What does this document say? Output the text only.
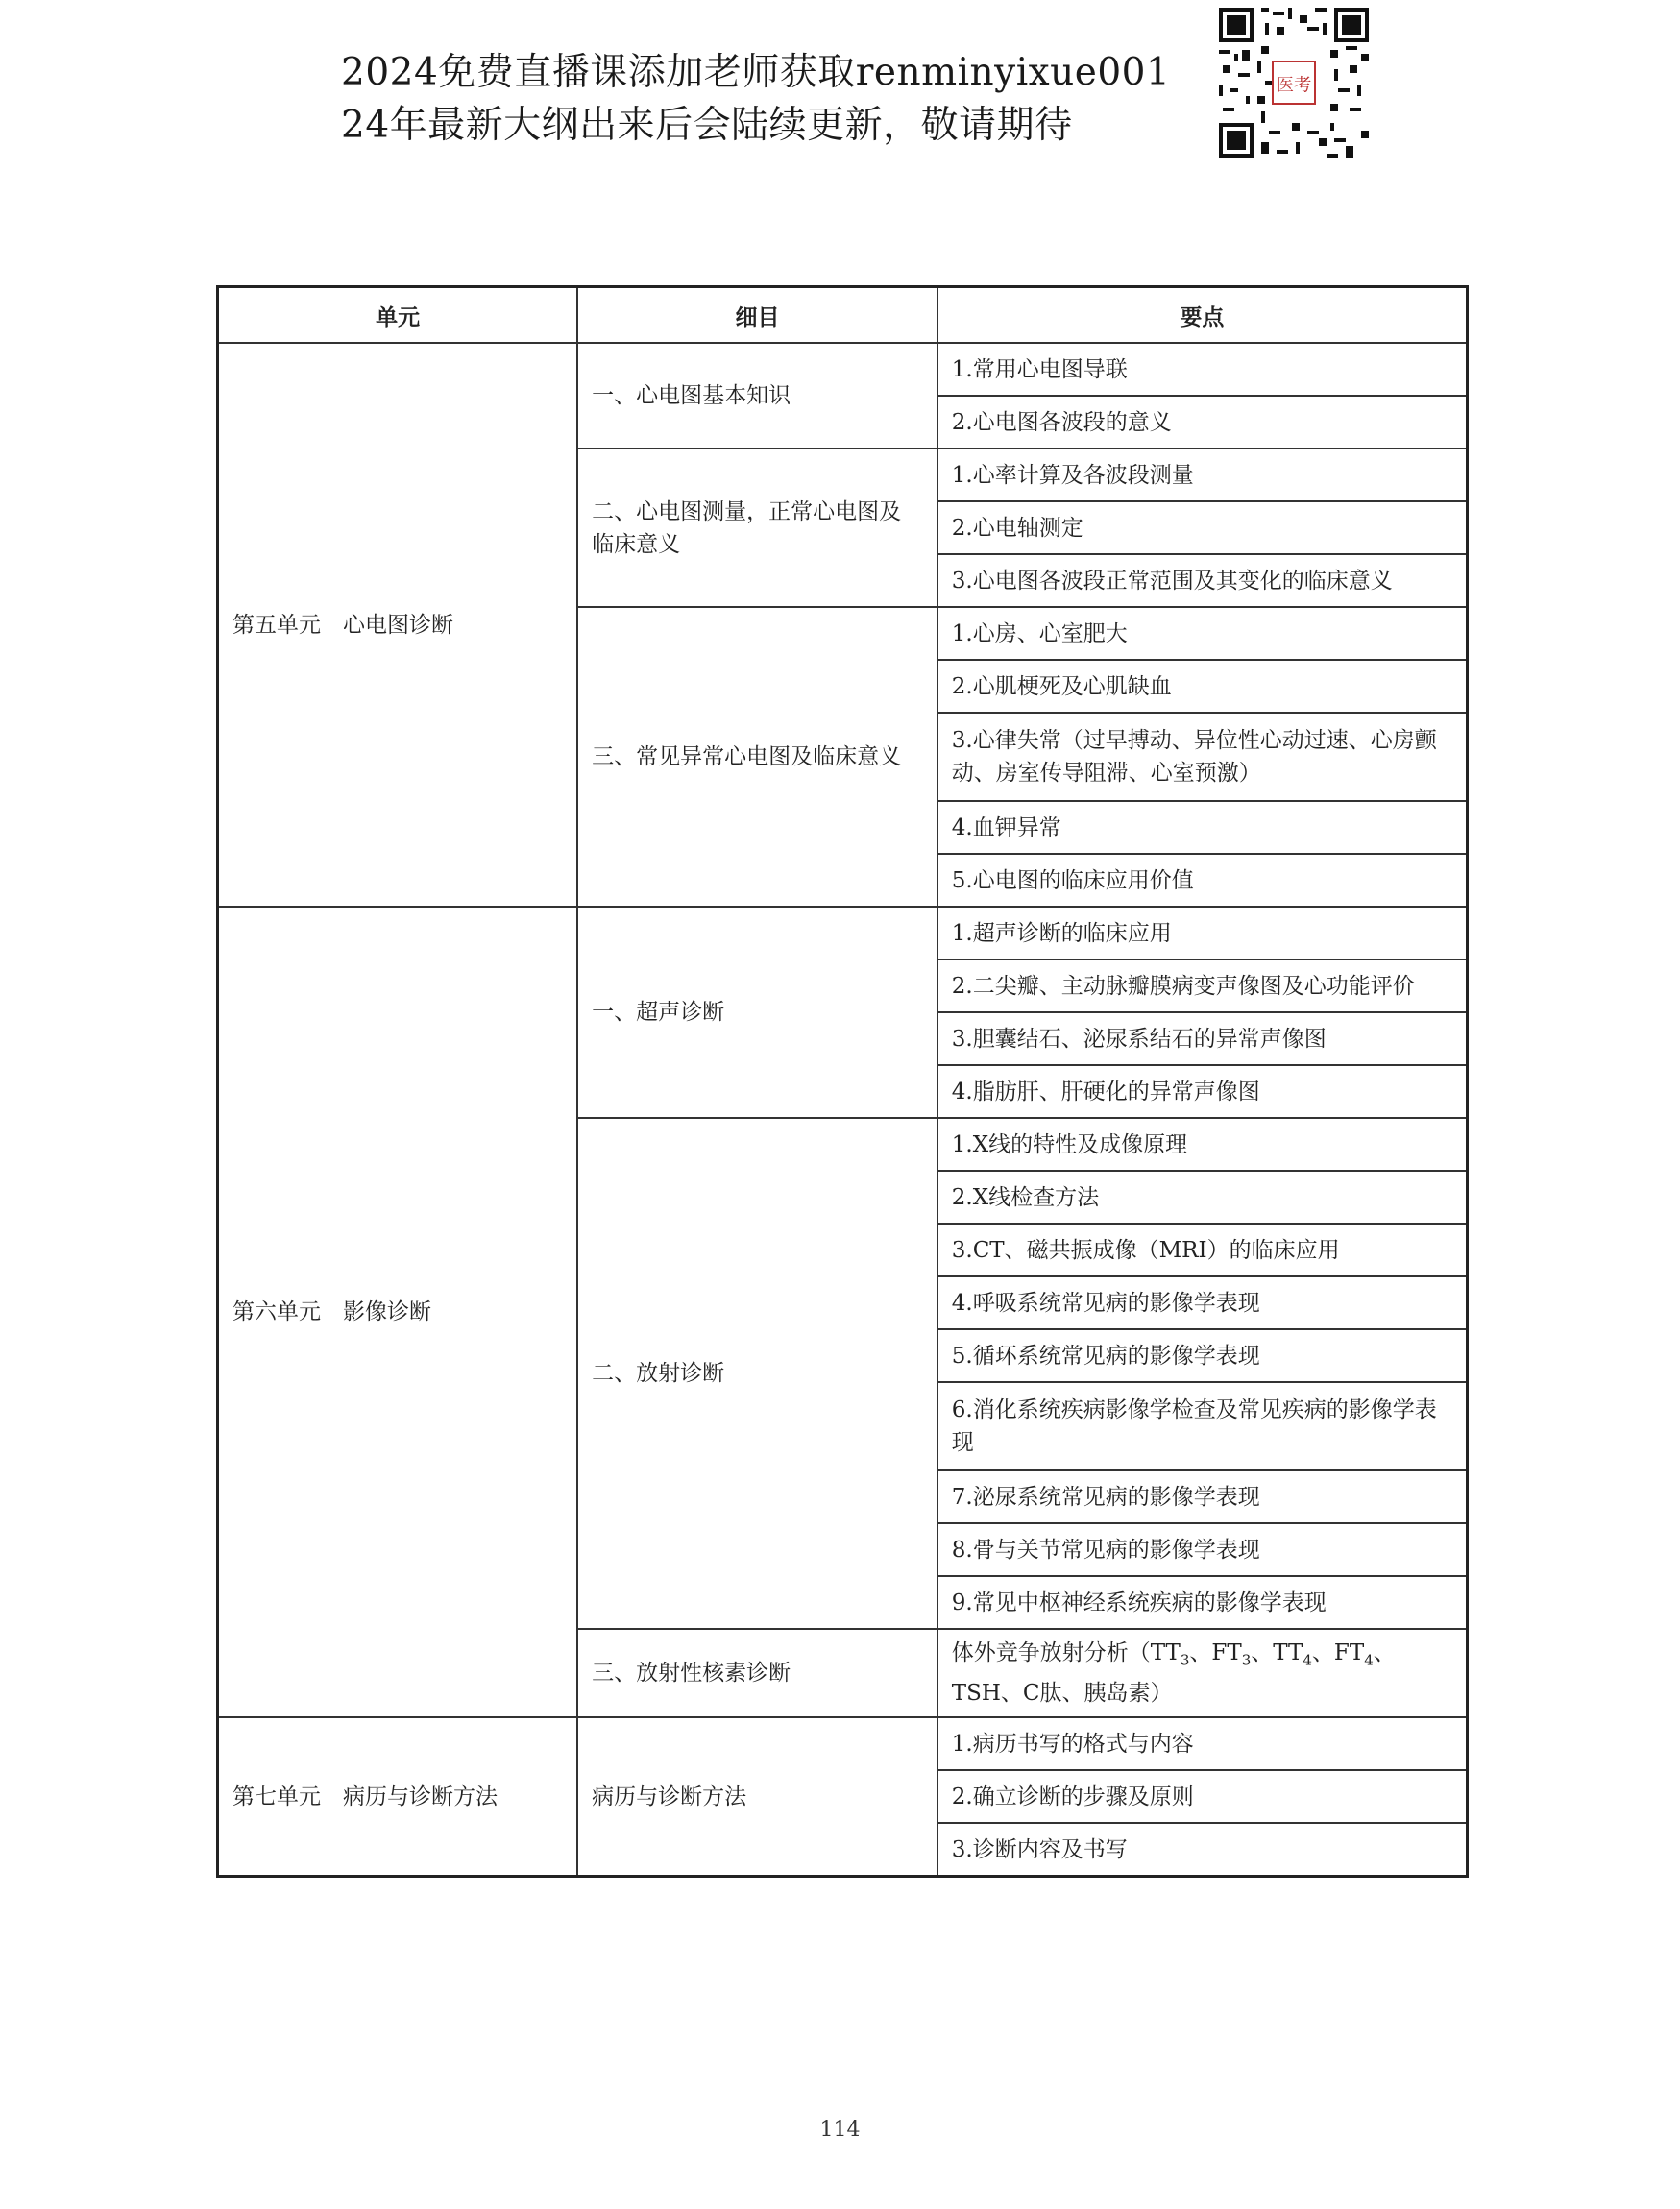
2024免费直播课添加老师获取renminyixue001
24年最新大纲出来后会陆续更新，敬请期待
医考
单元	细目	要点
第五单元　心电图诊断	一、心电图基本知识	1.常用心电图导联
		2.心电图各波段的意义
	二、心电图测量，正常心电图及临床意义	1.心率计算及各波段测量
		2.心电轴测定
		3.心电图各波段正常范围及其变化的临床意义
	三、常见异常心电图及临床意义	1.心房、心室肥大
		2.心肌梗死及心肌缺血
		3.心律失常（过早搏动、异位性心动过速、心房颤动、房室传导阻滞、心室预激）
		4.血钾异常
		5.心电图的临床应用价值
第六单元　影像诊断	一、超声诊断	1.超声诊断的临床应用
		2.二尖瓣、主动脉瓣膜病变声像图及心功能评价
		3.胆囊结石、泌尿系结石的异常声像图
		4.脂肪肝、肝硬化的异常声像图
	二、放射诊断	1.X线的特性及成像原理
		2.X线检查方法
		3.CT、磁共振成像（MRI）的临床应用
		4.呼吸系统常见病的影像学表现
		5.循环系统常见病的影像学表现
		6.消化系统疾病影像学检查及常见疾病的影像学表现
		7.泌尿系统常见病的影像学表现
		8.骨与关节常见病的影像学表现
		9.常见中枢神经系统疾病的影像学表现
	三、放射性核素诊断	体外竞争放射分析（$TT_3$、$FT_3$、$TT_4$、$FT_4$、TSH、C肽、胰岛素）
第七单元　病历与诊断方法	病历与诊断方法	1.病历书写的格式与内容
		2.确立诊断的步骤及原则
		3.诊断内容及书写
114
